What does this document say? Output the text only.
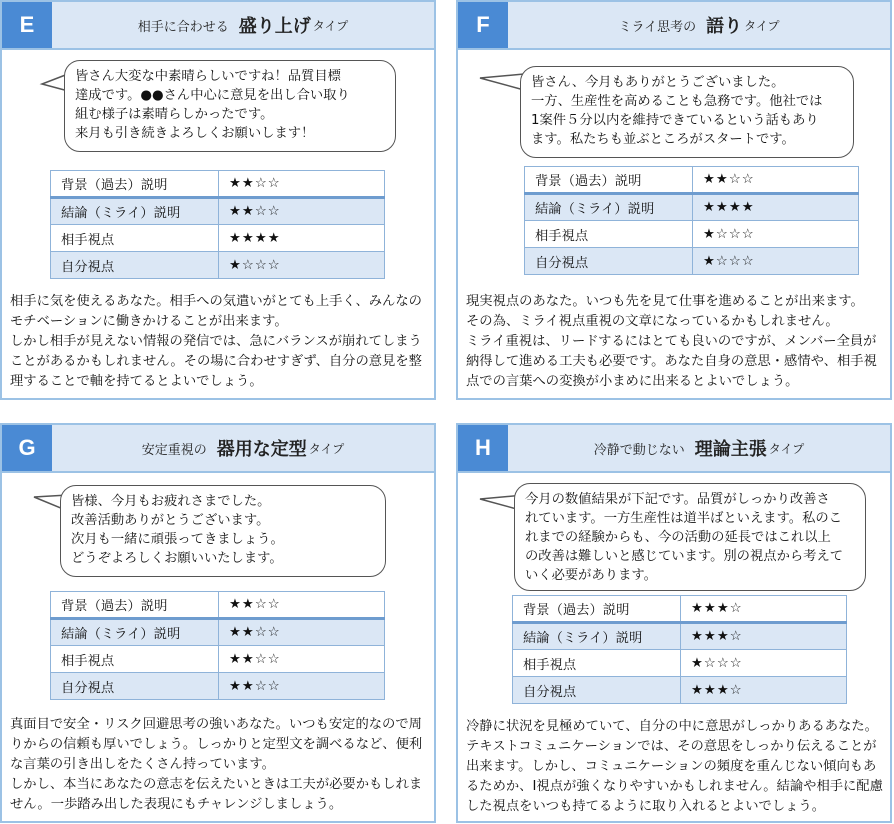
E	相手に合わせる 盛り上げ タイプ
皆さん大変な中素晴らしいですね！品質目標
達成です。●●さん中心に意見を出し合い取り
組む様子は素晴らしかったです。
来月も引き続きよろしくお願いします！
背景（過去）説明	★★☆☆
結論（ミライ）説明	★★☆☆
相手視点	★★★★
自分視点	★☆☆☆
相手に気を使えるあなた。相手への気遣いがとても上手く、みんなのモチベーションに働きかけることが出来ます。
しかし相手が見えない情報の発信では、急にバランスが崩れてしまうことがあるかもしれません。その場に合わせすぎず、自分の意見を整理することで軸を持てるとよいでしょう。
F	ミライ思考の 語り タイプ
皆さん、今月もありがとうございました。
一方、生産性を高めることも急務です。他社では
1案件５分以内を維持できているという話もあり
ます。私たちも並ぶところがスタートです。
背景（過去）説明	★★☆☆
結論（ミライ）説明	★★★★
相手視点	★☆☆☆
自分視点	★☆☆☆
現実視点のあなた。いつも先を見て仕事を進めることが出来ます。
その為、ミライ視点重視の文章になっているかもしれません。
ミライ重視は、リードするにはとても良いのですが、メンバー全員が納得して進める工夫も必要です。あなた自身の意思・感情や、相手視点での言葉への変換が小まめに出来るとよいでしょう。
G	安定重視の 器用な定型 タイプ
皆様、今月もお疲れさまでした。
改善活動ありがとうございます。
次月も一緒に頑張ってきましょう。
どうぞよろしくお願いいたします。
背景（過去）説明	★★☆☆
結論（ミライ）説明	★★☆☆
相手視点	★★☆☆
自分視点	★★☆☆
真面目で安全・リスク回避思考の強いあなた。いつも安定的なので周りからの信頼も厚いでしょう。しっかりと定型文を調べるなど、便利な言葉の引き出しをたくさん持っています。
しかし、本当にあなたの意志を伝えたいときは工夫が必要かもしれません。一歩踏み出した表現にもチャレンジしましょう。
H	冷静で動じない 理論主張 タイプ
今月の数値結果が下記です。品質がしっかり改善さ
れています。一方生産性は道半ばといえます。私のこ
れまでの経験からも、今の活動の延長ではこれ以上
の改善は難しいと感じています。別の視点から考えて
いく必要があります。
背景（過去）説明	★★★☆
結論（ミライ）説明	★★★☆
相手視点	★☆☆☆
自分視点	★★★☆
冷静に状況を見極めていて、自分の中に意思がしっかりあるあなた。
テキストコミュニケーションでは、その意思をしっかり伝えることが出来ます。しかし、コミュニケーションの頻度を重んじない傾向もあるためか、I視点が強くなりやすいかもしれません。結論や相手に配慮した視点をいつも持てるように取り入れるとよいでしょう。
